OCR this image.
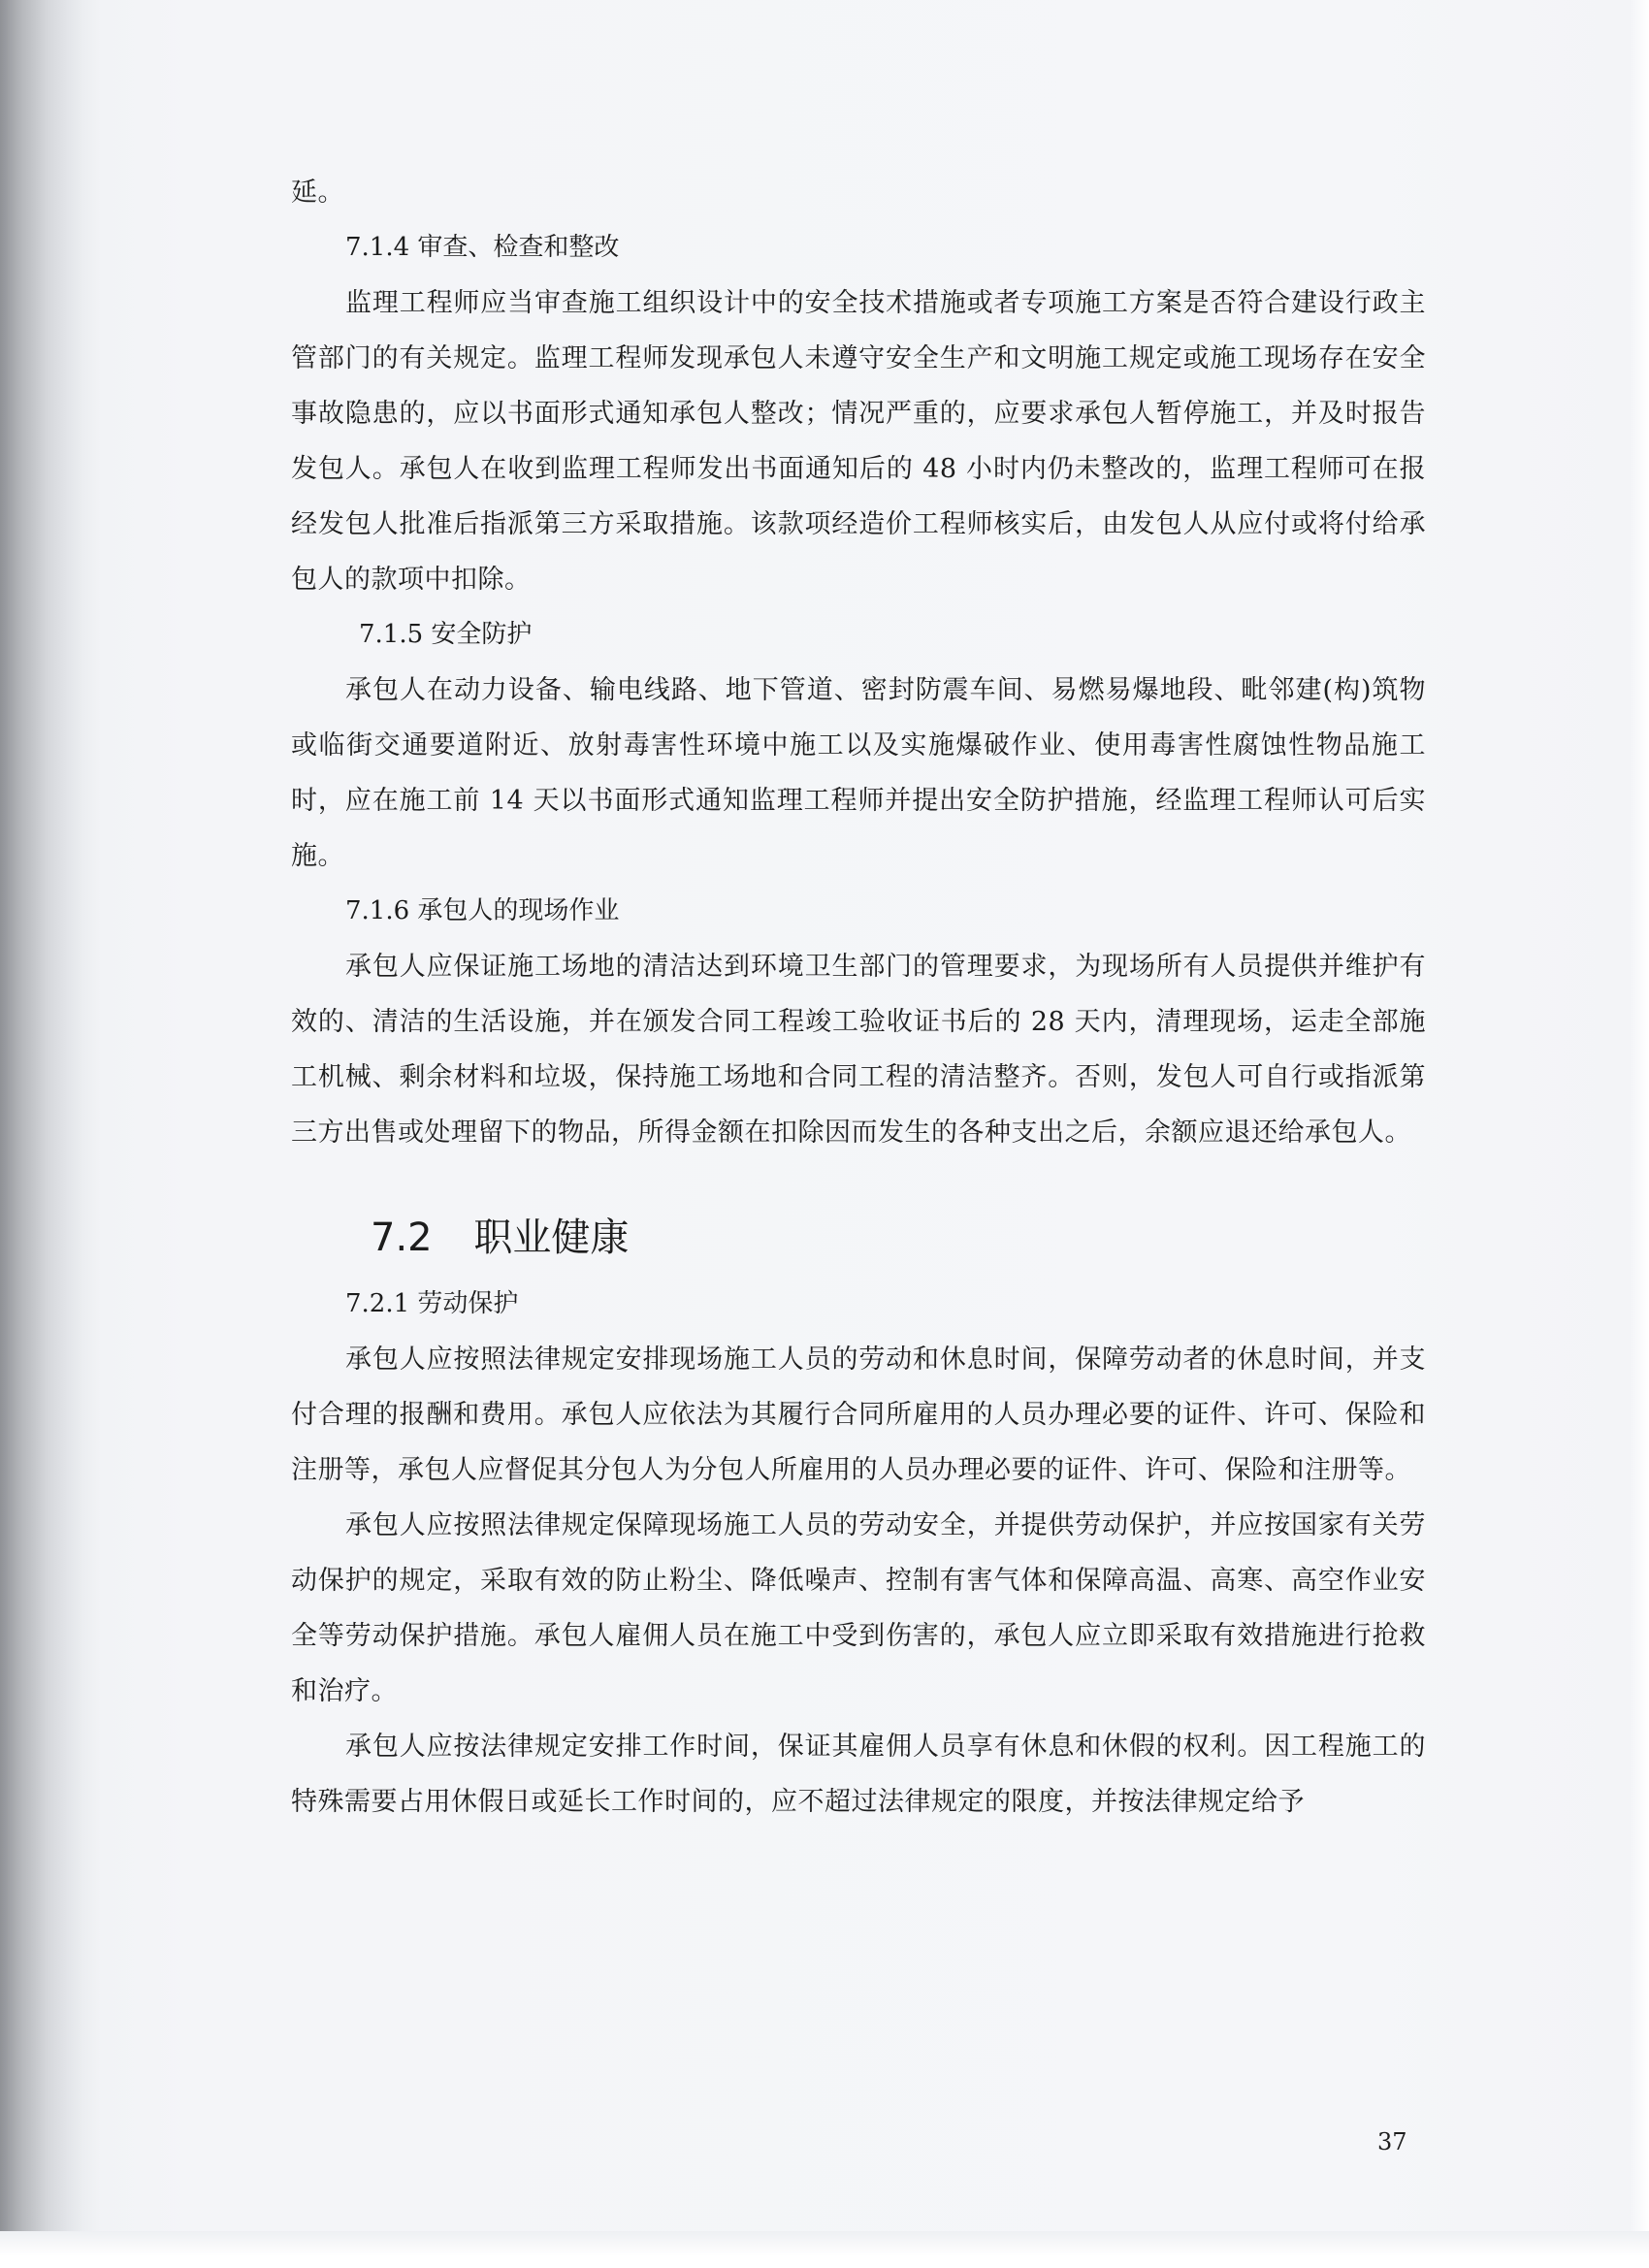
延。

7.1.4 审查、检查和整改

监理工程师应当审查施工组织设计中的安全技术措施或者专项施工方案是否符合建设行政主管部门的有关规定。监理工程师发现承包人未遵守安全生产和文明施工规定或施工现场存在安全事故隐患的，应以书面形式通知承包人整改；情况严重的，应要求承包人暂停施工，并及时报告发包人。承包人在收到监理工程师发出书面通知后的 48 小时内仍未整改的，监理工程师可在报经发包人批准后指派第三方采取措施。该款项经造价工程师核实后，由发包人从应付或将付给承包人的款项中扣除。

7.1.5 安全防护

承包人在动力设备、输电线路、地下管道、密封防震车间、易燃易爆地段、毗邻建(构)筑物或临街交通要道附近、放射毒害性环境中施工以及实施爆破作业、使用毒害性腐蚀性物品施工时，应在施工前 14 天以书面形式通知监理工程师并提出安全防护措施，经监理工程师认可后实施。

7.1.6 承包人的现场作业

承包人应保证施工场地的清洁达到环境卫生部门的管理要求，为现场所有人员提供并维护有效的、清洁的生活设施，并在颁发合同工程竣工验收证书后的 28 天内，清理现场，运走全部施工机械、剩余材料和垃圾，保持施工场地和合同工程的清洁整齐。否则，发包人可自行或指派第三方出售或处理留下的物品，所得金额在扣除因而发生的各种支出之后，余额应退还给承包人。

7.2 职业健康

7.2.1 劳动保护

承包人应按照法律规定安排现场施工人员的劳动和休息时间，保障劳动者的休息时间，并支付合理的报酬和费用。承包人应依法为其履行合同所雇用的人员办理必要的证件、许可、保险和注册等，承包人应督促其分包人为分包人所雇用的人员办理必要的证件、许可、保险和注册等。

承包人应按照法律规定保障现场施工人员的劳动安全，并提供劳动保护，并应按国家有关劳动保护的规定，采取有效的防止粉尘、降低噪声、控制有害气体和保障高温、高寒、高空作业安全等劳动保护措施。承包人雇佣人员在施工中受到伤害的，承包人应立即采取有效措施进行抢救和治疗。

承包人应按法律规定安排工作时间，保证其雇佣人员享有休息和休假的权利。因工程施工的特殊需要占用休假日或延长工作时间的，应不超过法律规定的限度，并按法律规定给予

37
